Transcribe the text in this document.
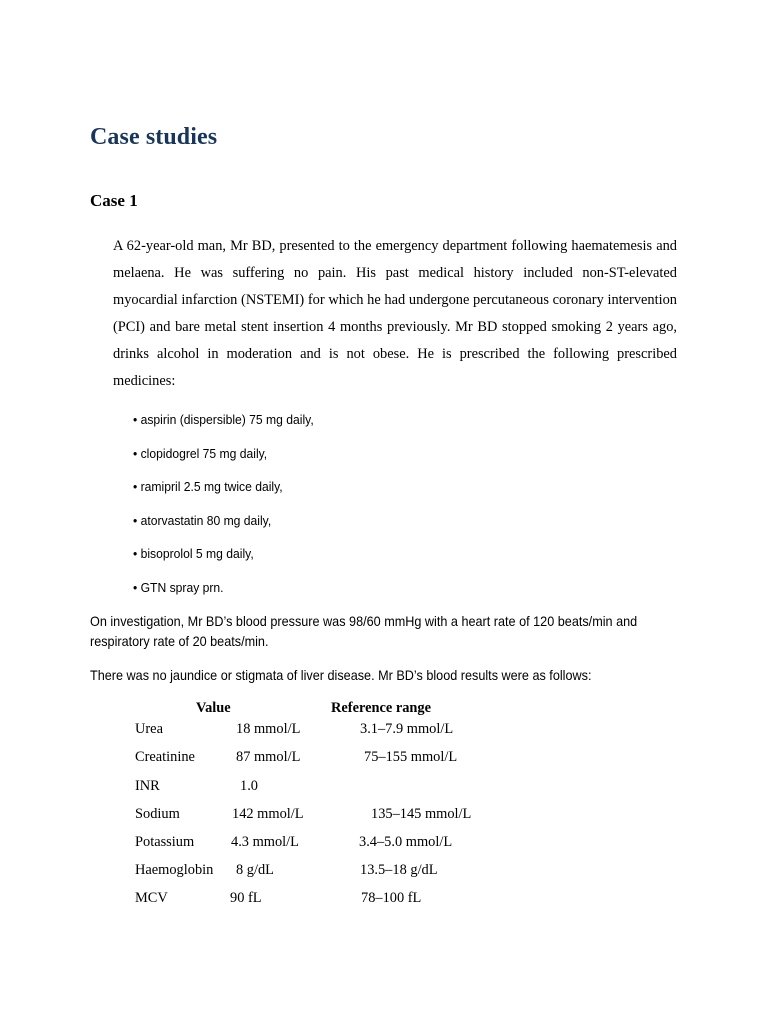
Case studies
Case 1

A 62-year-old man, Mr BD, presented to the emergency department following haematemesis and melaena. He was suffering no pain. His past medical history included non-ST-elevated myocardial infarction (NSTEMI) for which he had undergone percutaneous coronary intervention (PCI) and bare metal stent insertion 4 months previously. Mr BD stopped smoking 2 years ago, drinks alcohol in moderation and is not obese. He is prescribed the following prescribed medicines:

• aspirin (dispersible) 75 mg daily,
• clopidogrel 75 mg daily,
• ramipril 2.5 mg twice daily,
• atorvastatin 80 mg daily,
• bisoprolol 5 mg daily,
• GTN spray prn.

On investigation, Mr BD’s blood pressure was 98/60 mmHg with a heart rate of 120 beats/min and respiratory rate of 20 beats/min.

There was no jaundice or stigmata of liver disease. Mr BD’s blood results were as follows:

Value	Reference range
Urea	18 mmol/L	3.1–7.9 mmol/L
Creatinine	87 mmol/L	75–155 mmol/L
INR	1.0
Sodium	142 mmol/L	135–145 mmol/L
Potassium	4.3 mmol/L	3.4–5.0 mmol/L
Haemoglobin 8 g/dL	13.5–18 g/dL
MCV	90 fL	78–100 fL
